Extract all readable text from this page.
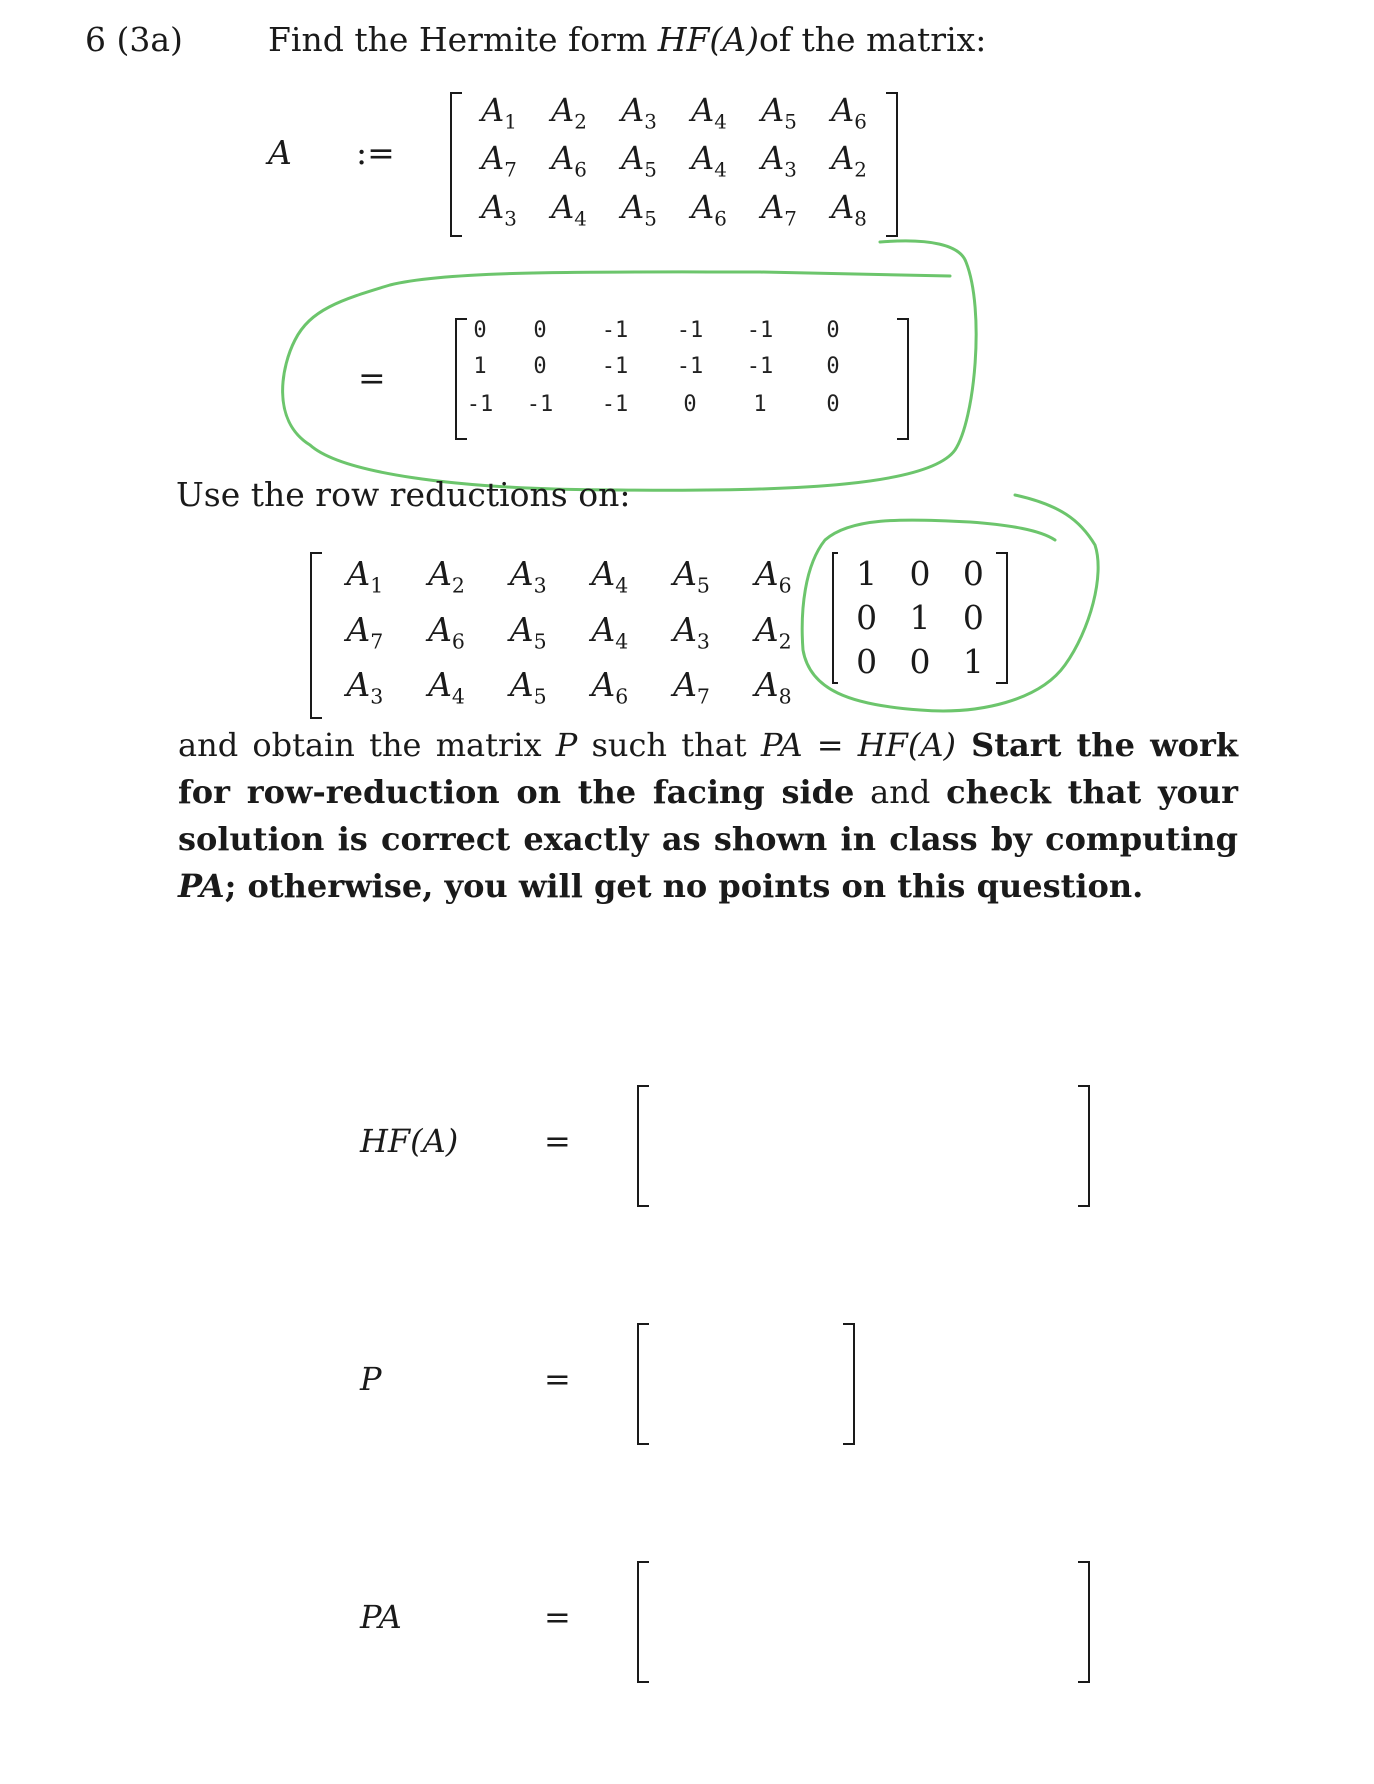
6 (3a)	Find the Hermite form HF(A)of the matrix:
A :=
$A_1$	$A_2$	$A_3$	$A_4$	$A_5$	$A_6$
$A_7$	$A_6$	$A_5$	$A_4$	$A_3$	$A_2$
$A_3$	$A_4$	$A_5$	$A_6$	$A_7$	$A_8$
=
0	0	-1	-1	-1	0
1	0	-1	-1	-1	0
-1	-1	-1	0	1	0
Use the row reductions on:
$A_1$	$A_2$	$A_3$	$A_4$	$A_5$	$A_6$
$A_7$	$A_6$	$A_5$	$A_4$	$A_3$	$A_2$
$A_3$	$A_4$	$A_5$	$A_6$	$A_7$	$A_8$
1 0 0
0 1 0
0 0 1
and obtain the matrix P such that PA = HF(A) Start the work for row-reduction on the facing side and check that your solution is correct exactly as shown in class by computing PA; otherwise, you will get no points on this question.
HF(A)	=
P	=
PA	=
